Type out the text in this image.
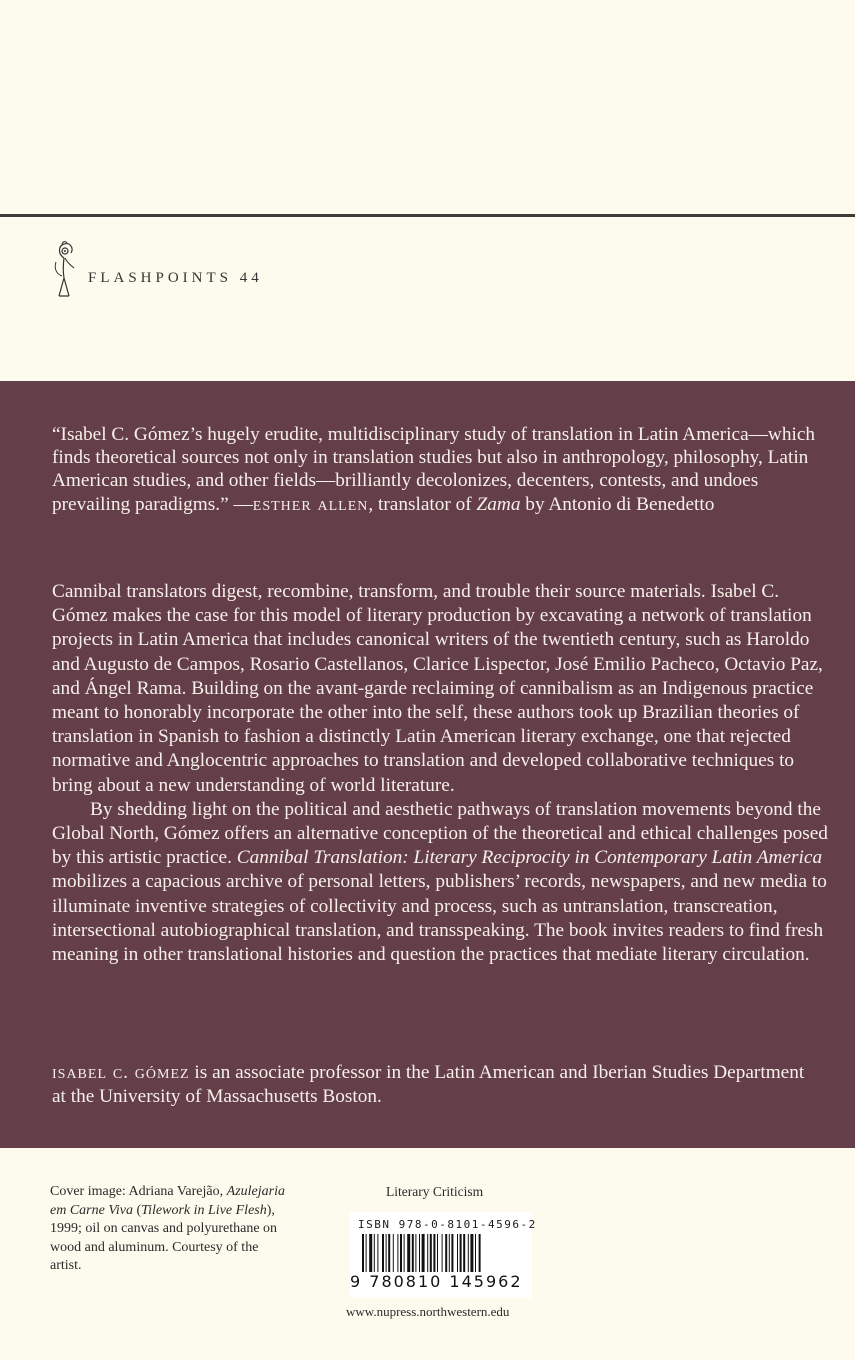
FLASHPOINTS 44

“Isabel C. Gómez’s hugely erudite, multidisciplinary study of translation in Latin America—which finds theoretical sources not only in translation studies but also in anthropology, philosophy, Latin American studies, and other fields—brilliantly decolonizes, decenters, contests, and undoes prevailing paradigms.” —esther allen, translator of Zama by Antonio di Benedetto

Cannibal translators digest, recombine, transform, and trouble their source materials. Isabel C. Gómez makes the case for this model of literary production by excavating a network of translation projects in Latin America that includes canonical writers of the twentieth century, such as Haroldo and Augusto de Campos, Rosario Castellanos, Clarice Lispector, José Emilio Pacheco, Octavio Paz, and Ángel Rama. Building on the avant-garde reclaiming of cannibalism as an Indigenous practice meant to honorably incorporate the other into the self, these authors took up Brazilian theories of translation in Spanish to fashion a distinctly Latin American literary exchange, one that rejected normative and Anglocentric approaches to translation and developed collaborative techniques to bring about a new understanding of world literature.

By shedding light on the political and aesthetic pathways of translation movements beyond the Global North, Gómez offers an alternative conception of the theoretical and ethical challenges posed by this artistic practice. Cannibal Translation: Literary Reciprocity in Contemporary Latin America mobilizes a capacious archive of personal letters, publishers’ records, newspapers, and new media to illuminate inventive strategies of collectivity and process, such as untranslation, transcreation, intersectional autobiographical translation, and transspeaking. The book invites readers to find fresh meaning in other translational histories and question the practices that mediate literary circulation.

isabel c. gómez is an associate professor in the Latin American and Iberian Studies Department at the University of Massachusetts Boston.

Cover image: Adriana Varejão, Azulejaria em Carne Viva (Tilework in Live Flesh), 1999; oil on canvas and polyurethane on wood and aluminum. Courtesy of the artist.

Literary Criticism
9 780810 145962
ISBN 978-0-8101-4596-2
www.nupress.northwestern.edu
